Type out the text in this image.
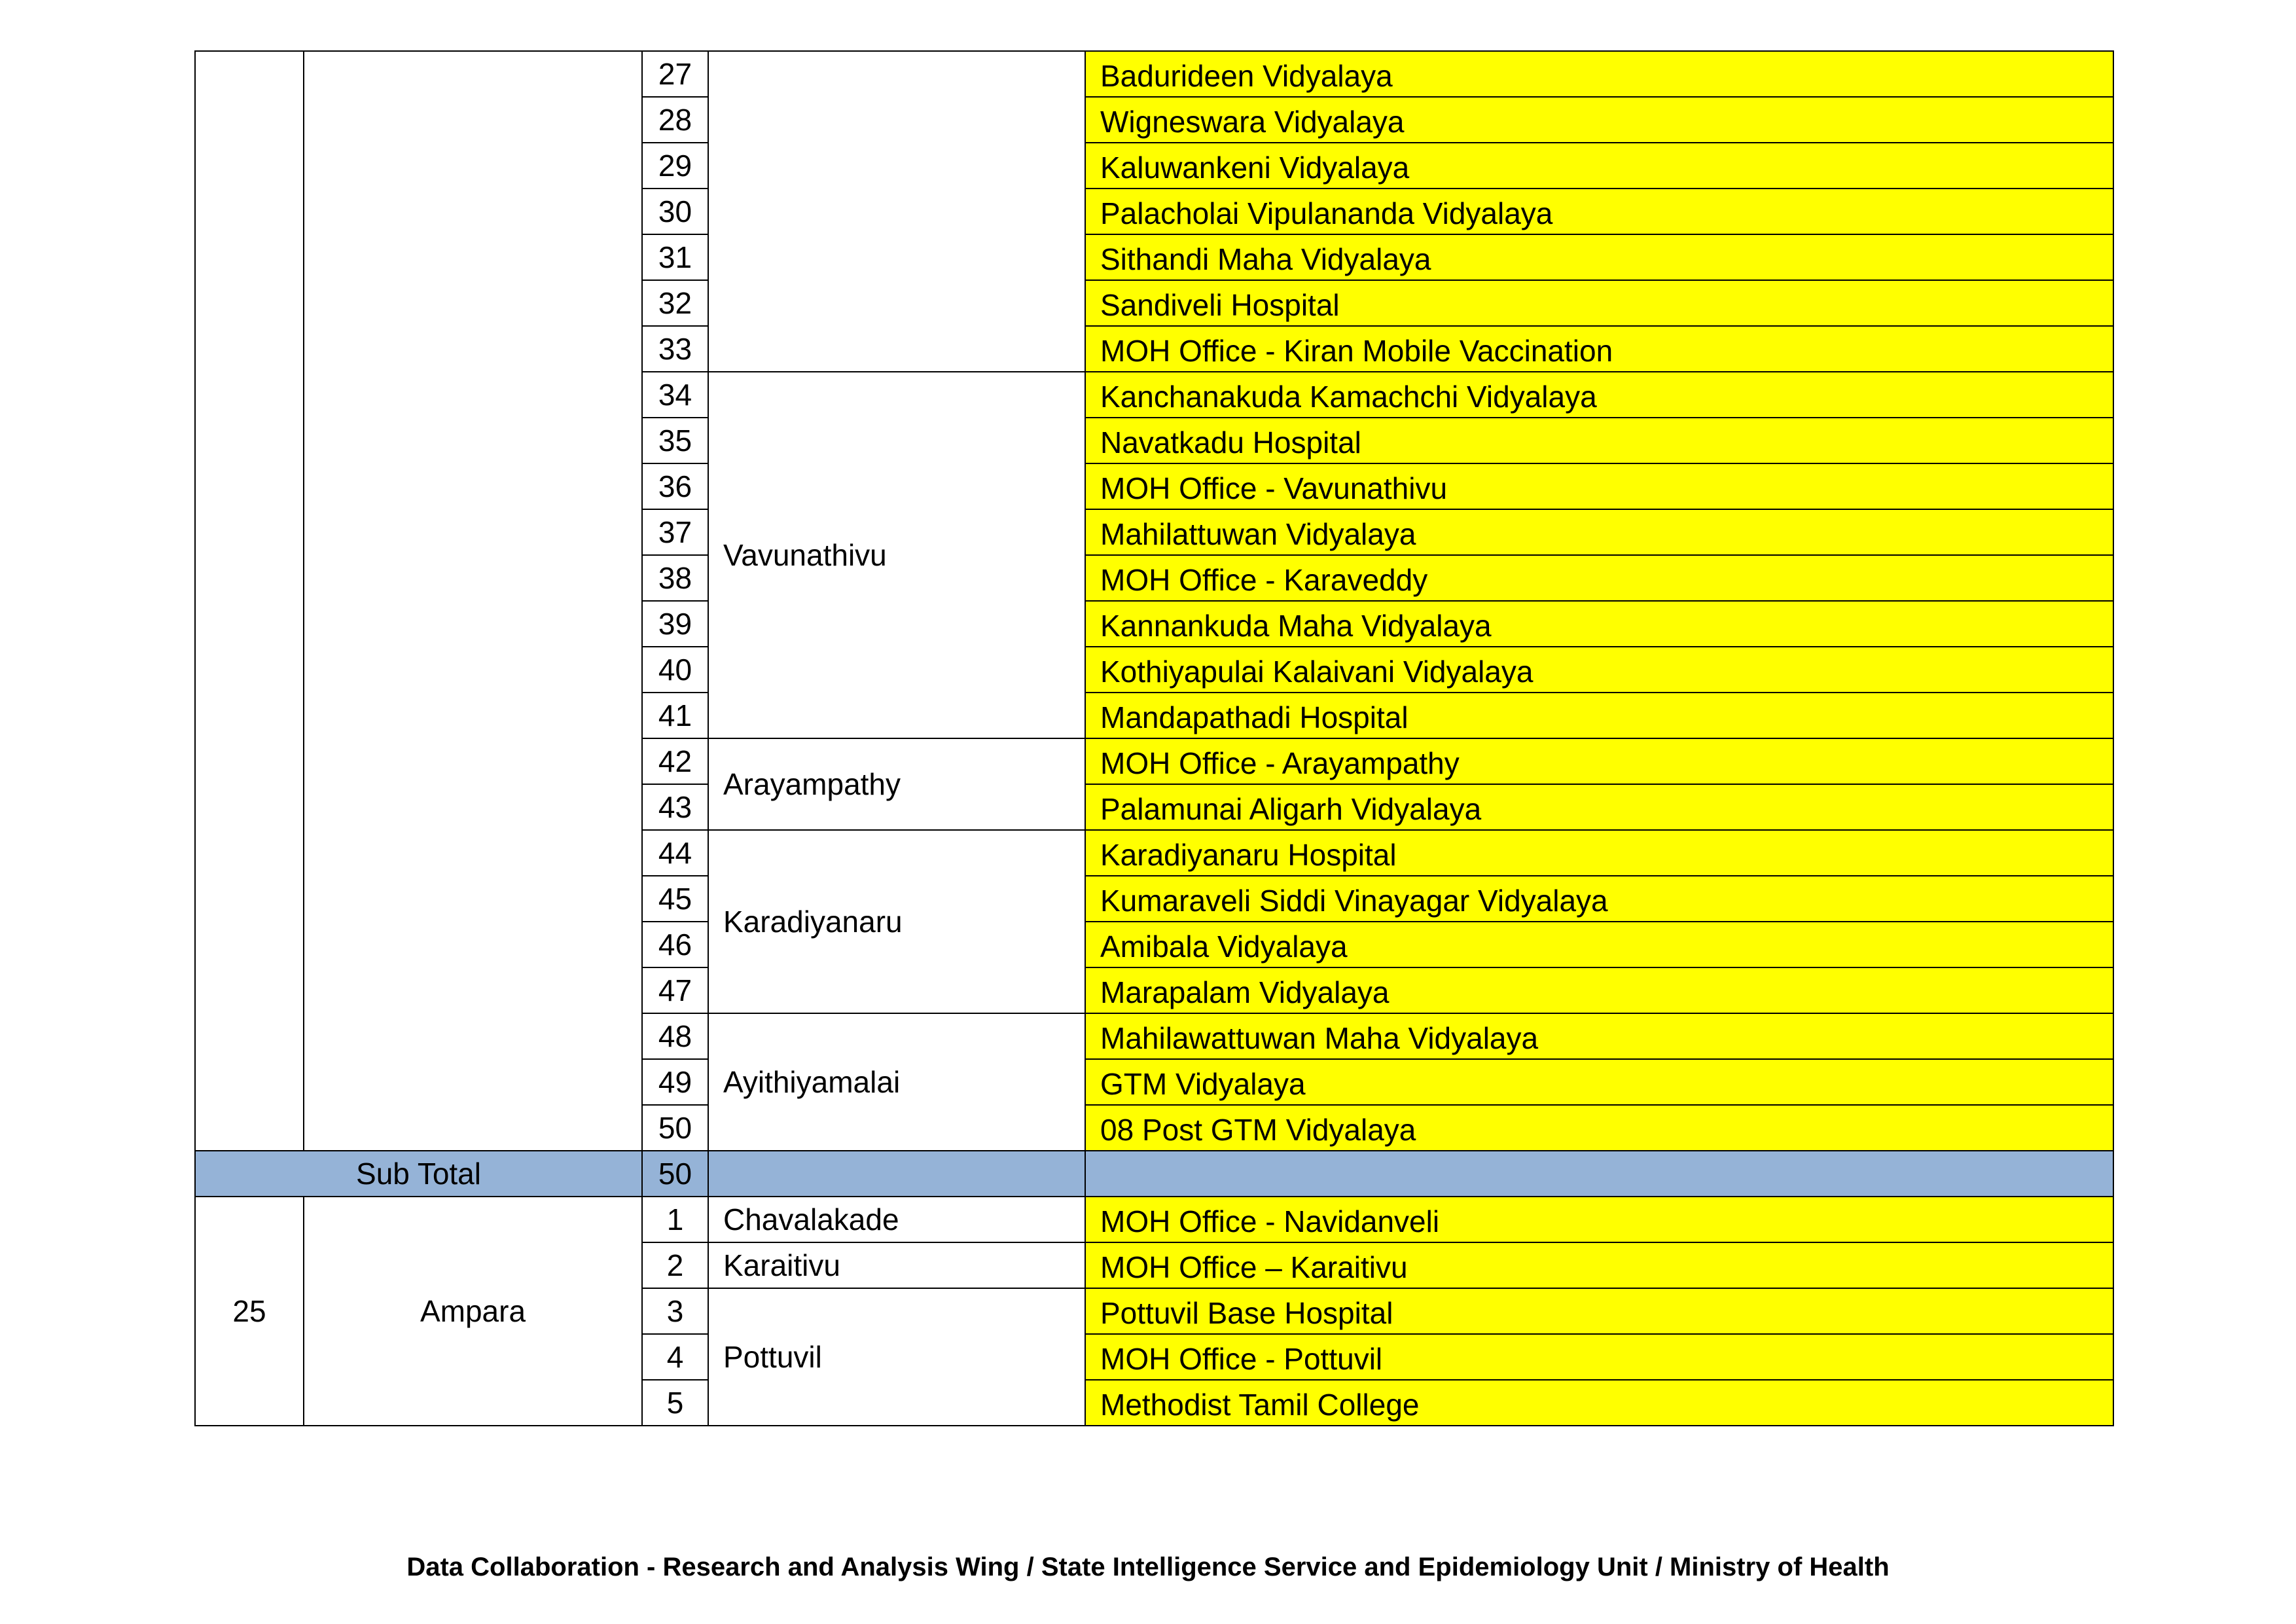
		27		Badurideen Vidyalaya
		28		Wigneswara Vidyalaya
		29		Kaluwankeni Vidyalaya
		30		Palacholai Vipulananda Vidyalaya
		31		Sithandi Maha Vidyalaya
		32		Sandiveli Hospital
		33		MOH Office - Kiran Mobile Vaccination
		34	Vavunathivu	Kanchanakuda Kamachchi Vidyalaya
		35		Navatkadu Hospital
		36		MOH Office - Vavunathivu
		37		Mahilattuwan Vidyalaya
		38		MOH Office - Karaveddy
		39		Kannankuda Maha Vidyalaya
		40		Kothiyapulai Kalaivani Vidyalaya
		41		Mandapathadi Hospital
		42	Arayampathy	MOH Office - Arayampathy
		43		Palamunai Aligarh Vidyalaya
		44	Karadiyanaru	Karadiyanaru Hospital
		45		Kumaraveli Siddi Vinayagar Vidyalaya
		46		Amibala Vidyalaya
		47		Marapalam Vidyalaya
		48	Ayithiyamalai	Mahilawattuwan Maha Vidyalaya
		49		GTM Vidyalaya
		50		08 Post GTM Vidyalaya
Sub Total		50		
25	Ampara	1	Chavalakade	MOH Office - Navidanveli
		2	Karaitivu	MOH Office – Karaitivu
		3	Pottuvil	Pottuvil Base Hospital
		4		MOH Office - Pottuvil
		5		Methodist Tamil College
Data Collaboration - Research and Analysis Wing / State Intelligence Service and Epidemiology Unit / Ministry of Health
